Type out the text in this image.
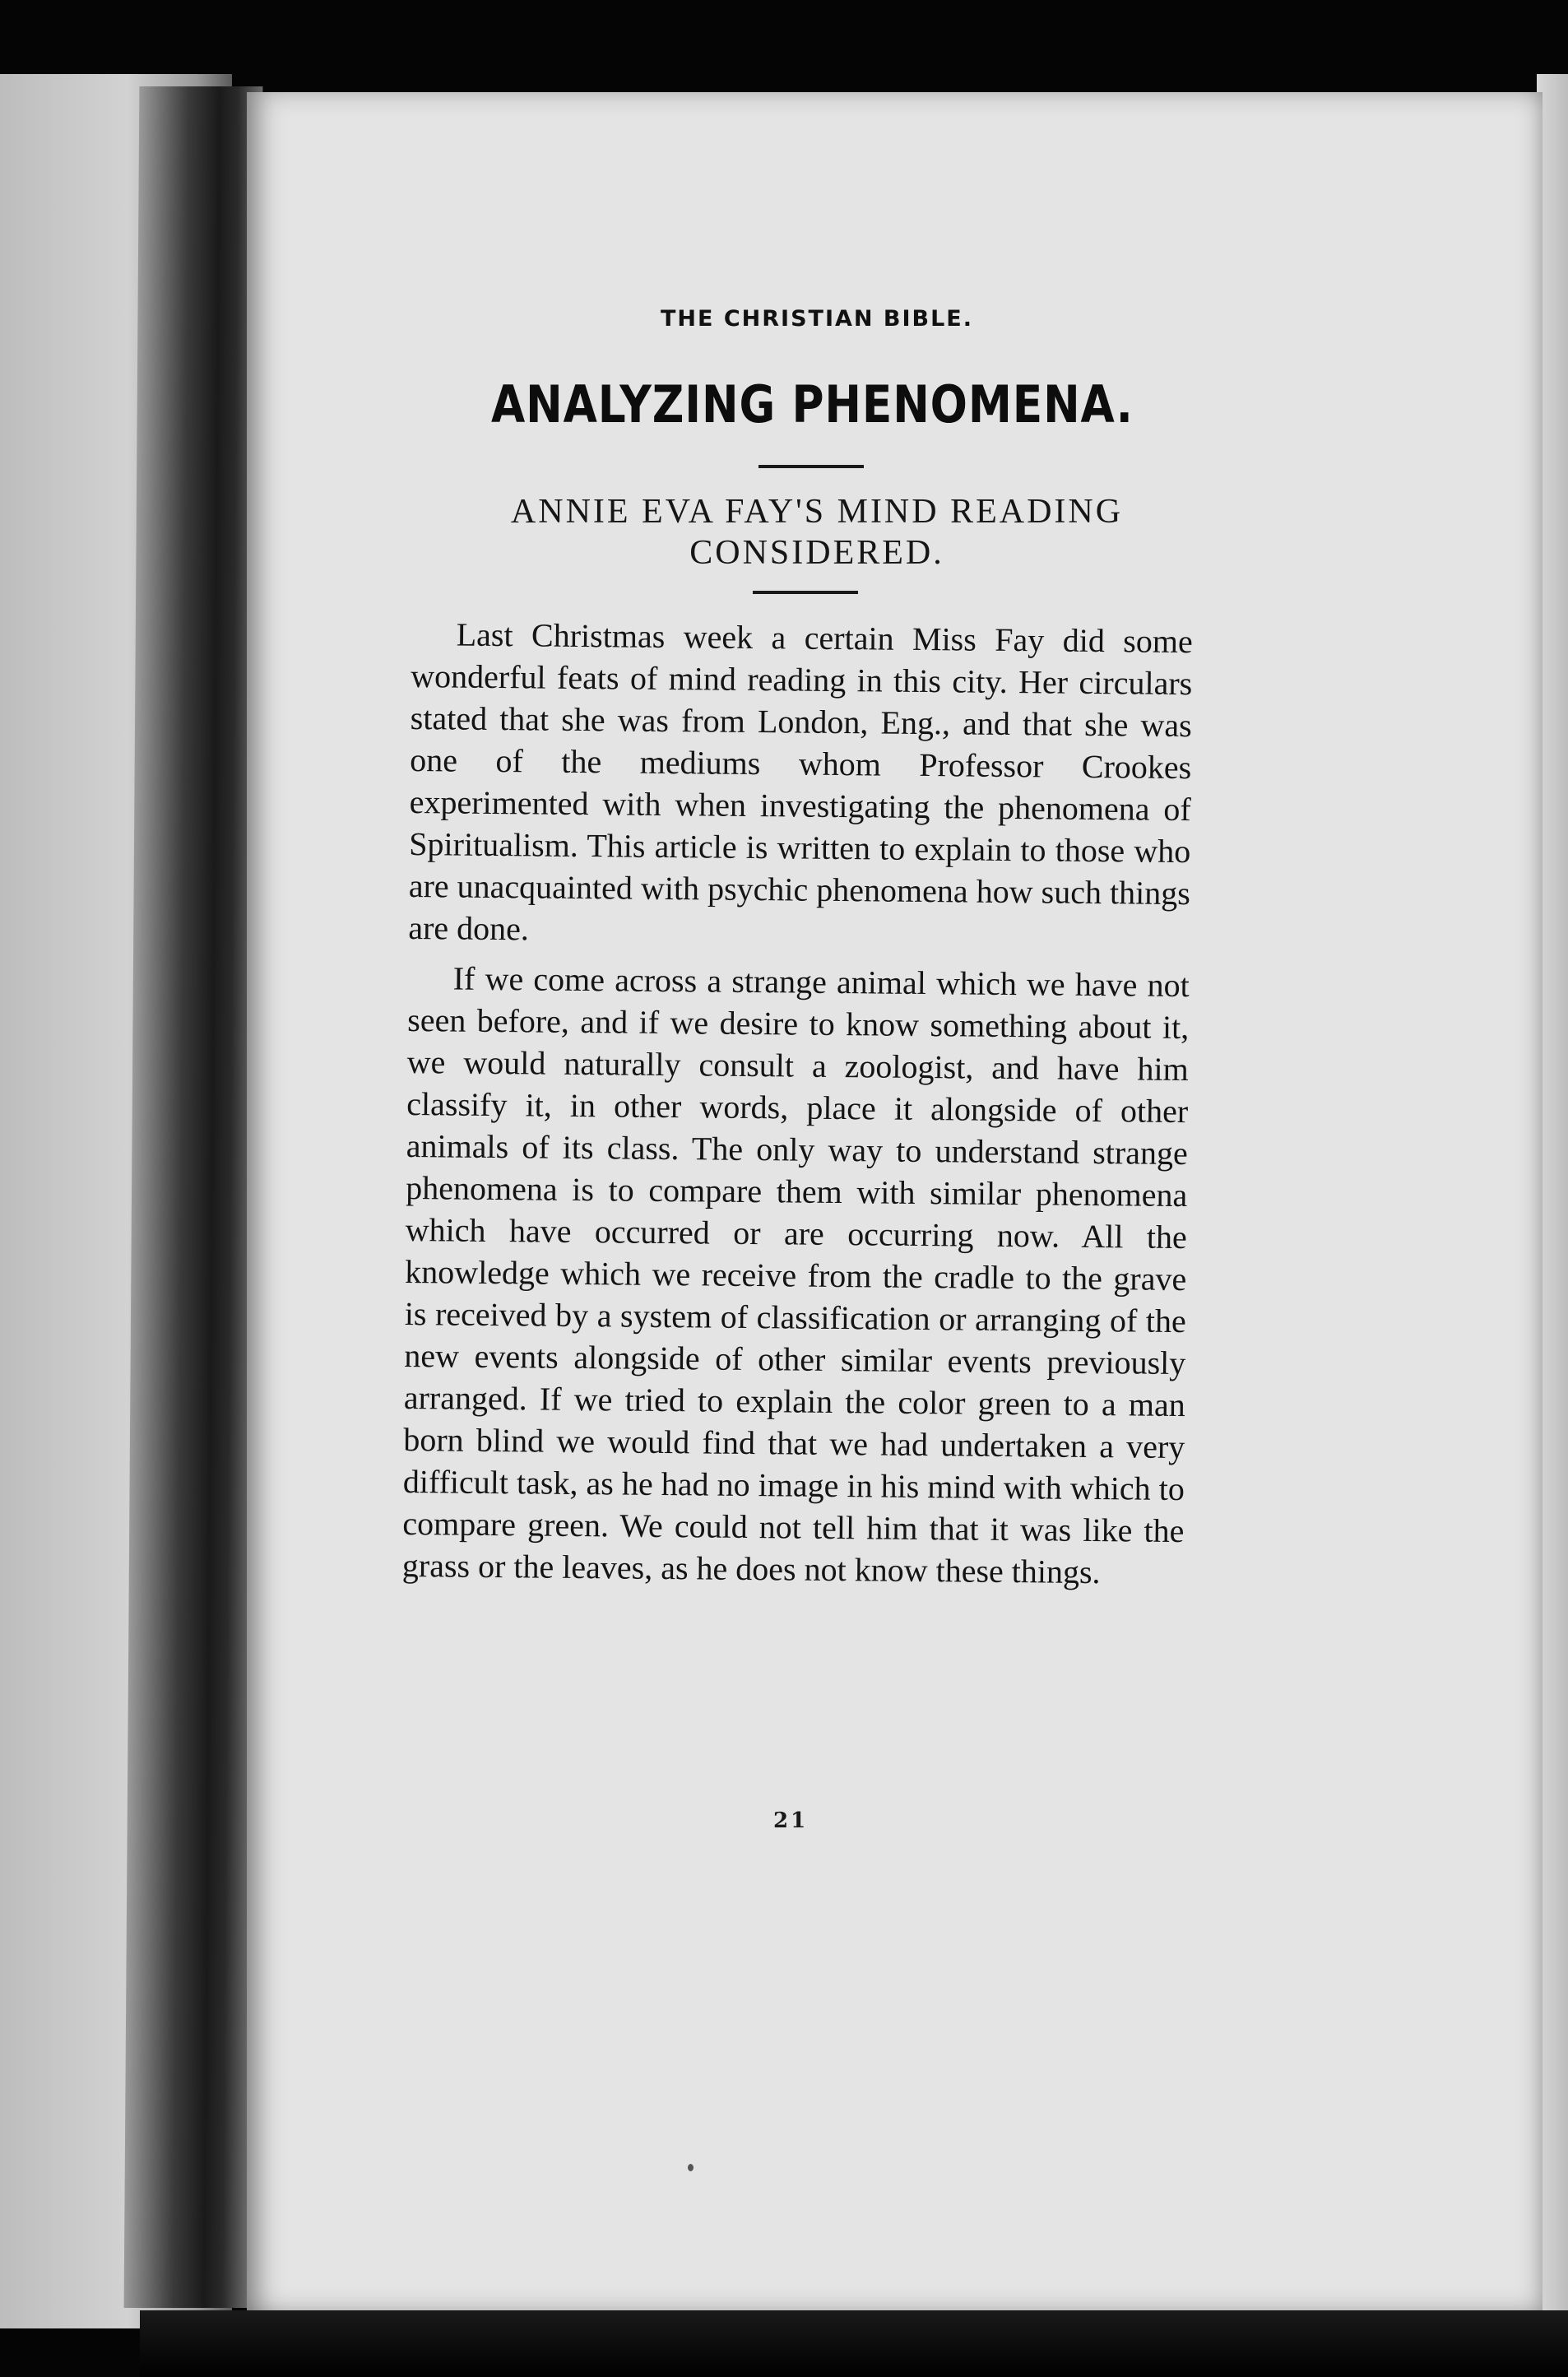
THE CHRISTIAN BIBLE.
ANALYZING PHENOMENA.
ANNIE EVA FAY'S MIND READING
CONSIDERED.

Last Christmas week a certain Miss Fay did some wonderful feats of mind reading in this city. Her circulars stated that she was from London, Eng., and that she was one of the mediums whom Professor Crookes experimented with when investigating the phenomena of Spiritualism. This article is written to explain to those who are unacquainted with psychic phenomena how such things are done.

If we come across a strange animal which we have not seen before, and if we desire to know something about it, we would naturally consult a zoologist, and have him classify it, in other words, place it alongside of other animals of its class. The only way to understand strange phenomena is to compare them with similar phenomena which have occurred or are occurring now. All the knowledge which we receive from the cradle to the grave is received by a system of classification or arranging of the new events alongside of other similar events previously arranged. If we tried to explain the color green to a man born blind we would find that we had undertaken a very difficult task, as he had no image in his mind with which to compare green. We could not tell him that it was like the grass or the leaves, as he does not know these things.

21
